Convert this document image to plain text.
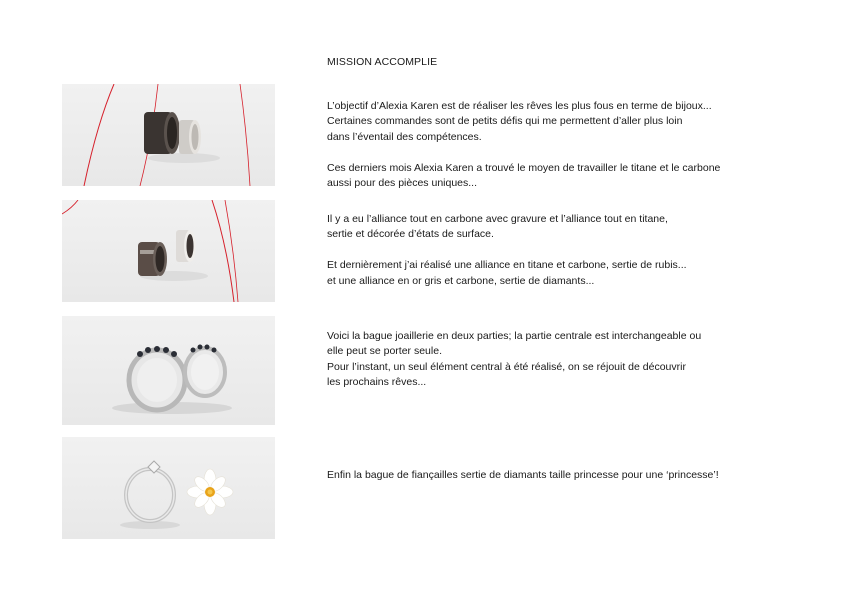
MISSION ACCOMPLIE
L’objectif d’Alexia Karen est de réaliser les rêves les plus fous en terme de bijoux...
Certaines commandes sont de petits défis qui me permettent d’aller plus loin
dans l’éventail des compétences.

Ces derniers mois Alexia Karen a trouvé le moyen de travailler le titane et le carbone
aussi pour des pièces uniques...
Il y a eu l’alliance tout en carbone avec gravure et l’alliance tout en titane,
sertie et décorée d’états de surface.

Et dernièrement j’ai réalisé une alliance en titane et carbone, sertie de rubis...
et une alliance en or gris et carbone, sertie de diamants...
Voici la bague joaillerie en deux parties; la partie centrale est interchangeable ou
elle peut se porter seule.
Pour l’instant, un seul élément central à été réalisé, on se réjouit de découvrir
les prochains rêves...
Enfin la bague de fiançailles sertie de diamants taille princesse pour une ‘princesse’!
